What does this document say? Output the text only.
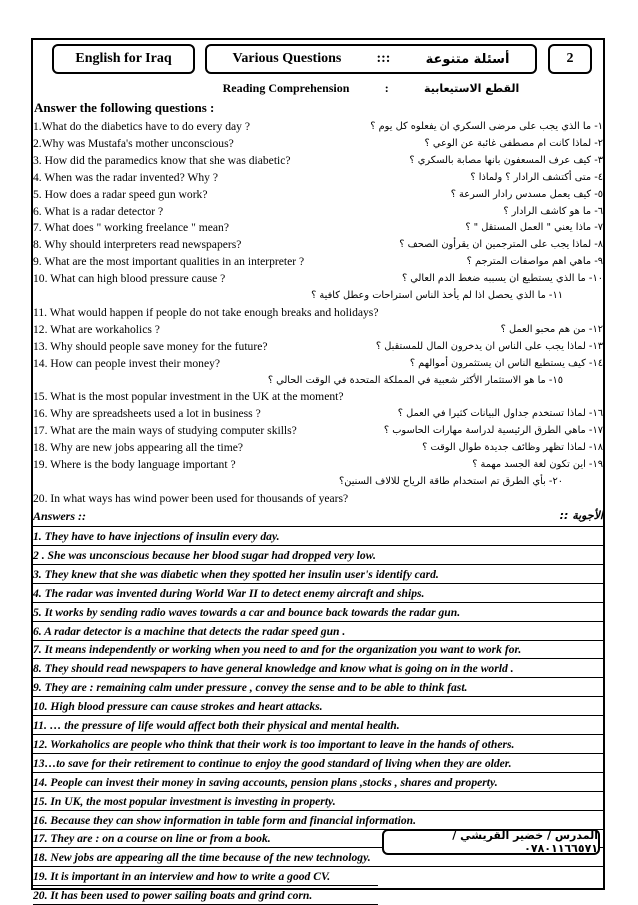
English for Iraq	Various Questions	:::	أسئلة متنوعة	2
Reading Comprehension	:	القطع الاستيعابية
Answer the following questions :
1.What do the diabetics have to do every day ?	١- ما الذي يجب على مرضى السكري ان يفعلوه كل يوم ؟
2.Why was Mustafa's mother unconscious?	٢- لماذا كانت ام مصطفى غائبة عن الوعي ؟
3. How did the paramedics know that she was diabetic?	٣- كيف عرف المسعفون بانها مصابة بالسكري ؟
4. When was the radar invented? Why ?	٤- متى أكتشف الرادار ؟ ولماذا ؟
5. How does a radar speed gun work?	٥- كيف يعمل مسدس رادار السرعة ؟
6. What is a radar detector ?	٦- ما هو كاشف الرادار ؟
7. What does " working freelance " mean?	٧- ماذا يعني " العمل المستقل " ؟
8. Why should interpreters read newspapers?	٨- لماذا يجب على المترجمين ان يقرأون الصحف ؟
9. What are the most important qualities in an interpreter ?	٩- ماهي اهم مواصفات المترجم ؟
10. What can high blood pressure cause ?	١٠- ما الذي يستطيع ان يسببه ضغط الدم العالي ؟
١١- ما الذي يحصل اذا لم يأخذ الناس استراحات وعطل كافية ؟
11. What would happen if people do not take enough breaks and holidays?
12. What are workaholics ?	١٢- من هم محبو العمل ؟
13. Why should people save money for the future?	١٣- لماذا يجب على الناس ان يدخرون المال للمستقبل ؟
14. How can people invest their money?	١٤- كيف يستطيع الناس ان يستثمرون أموالهم ؟
١٥- ما هو الاستثمار الأكثر شعبية في المملكة المتحدة في الوقت الحالي ؟
15. What is the most popular investment in the UK at the moment?
16. Why are spreadsheets used a lot in business ?	١٦- لماذا تستخدم جداول البيانات كثيرا في العمل ؟
17. What are the main ways of studying computer skills?	١٧- ماهي الطرق الرئيسية لدراسة مهارات الحاسوب ؟
18. Why are new jobs appearing all the time?	١٨- لماذا تظهر وظائف جديدة طوال الوقت ؟
19. Where is the body language important ?	١٩- اين تكون لغة الجسد مهمة ؟
٢٠- بأي الطرق تم استخدام طاقة الرياح للالاف السنين؟
20. In what ways has wind power been used for thousands of years?
Answers ::	الأجوبة ::
1. They have to have injections of insulin every day.
2 . She was unconscious because her blood sugar had dropped very low.
3. They knew that she was diabetic when they spotted her insulin user's identify card.
4. The radar was invented during World War II to detect enemy aircraft and ships.
5. It works by sending radio waves towards a car and bounce back towards the radar gun.
6. A radar detector is a machine that detects the radar speed gun .
7. It means independently or working when you need to and for the organization you want to work for.
8. They should read newspapers to have general knowledge and know what is going on in the world .
9. They are : remaining calm under pressure , convey the sense and to be able to think fast.
10. High blood pressure can cause strokes and heart attacks.
11. … the pressure of life would affect both their physical and mental health.
12. Workaholics are people who think that their work is too important to leave in the hands of others.
13…to save for their retirement to continue to enjoy the good standard of living when they are older.
14. People can invest their money in saving accounts, pension plans ,stocks , shares and property.
15. In UK, the most popular investment is investing in property.
16. Because they can show information in table form and financial information.
17. They are : on a course on line or from a book.
18. New jobs are appearing all the time because of the new technology.
19. It is important in an interview and how to write a good CV.
20. It has been used to power sailing boats and grind corn.
المدرس / خضير القريشي / ٠٧٨٠١١٦٦٥٧١
